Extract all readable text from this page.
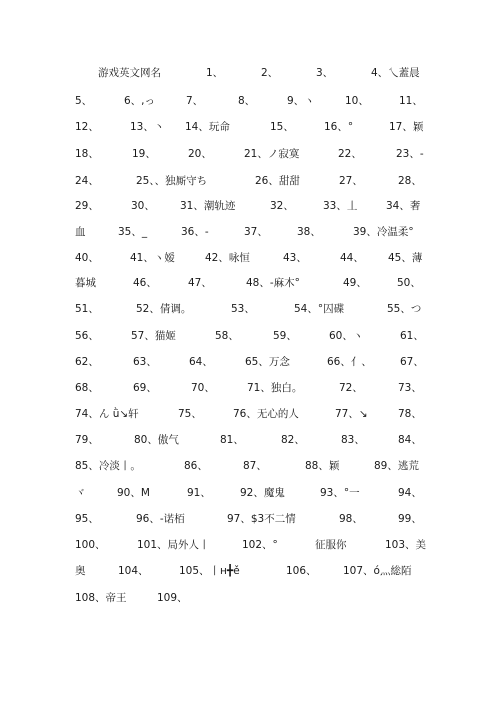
游戏英文网名	1、	2、	3、	4、乀蓋晨
5、	6、,っ	7、	8、	9、ヽ	10、	11、
12、	13、丶 14、玩命	15、	16、°	17、颖
18、	19、	20、	21、ノ寂寞	22、	23、-
24、	25、、独厮守ち	26、甜甜	27、	28、
29、	30、 31、潮轨迹	32、	33、丄	34、奢
血	35、_	36、-	37、	38、	39、冷温柔°
40、	41、ヽ嫒	42、咏恒	43、	44、 45、薄
暮城	46、	47、	48、-麻木°	49、	50、
51、	52、倩调。	53、	54、°囚碟	55、つ
56、	57、猫姬	58、	59、	60、ヽ	61、
62、	63、	64、	65、万念	66、亻、	67、
68、	69、	70、	71、独白。	72、	73、
74、ん ǜ↘轩	75、	76、无心的人	77、↘	78、
79、	80、傲气	81、	82、	83、	84、
85、冷淡丨。	86、	87、	88、颖	89、逃荒
ヾ	90、M	91、	92、魔鬼	93、°一	94、
95、	96、-诺栢	97、$3不二情	98、	99、
100、	101、局外人丨	102、°	征服你	103、美
奥	104、	105、丨н╋ě	106、	107、ó灬総陌
108、帝王	109、
